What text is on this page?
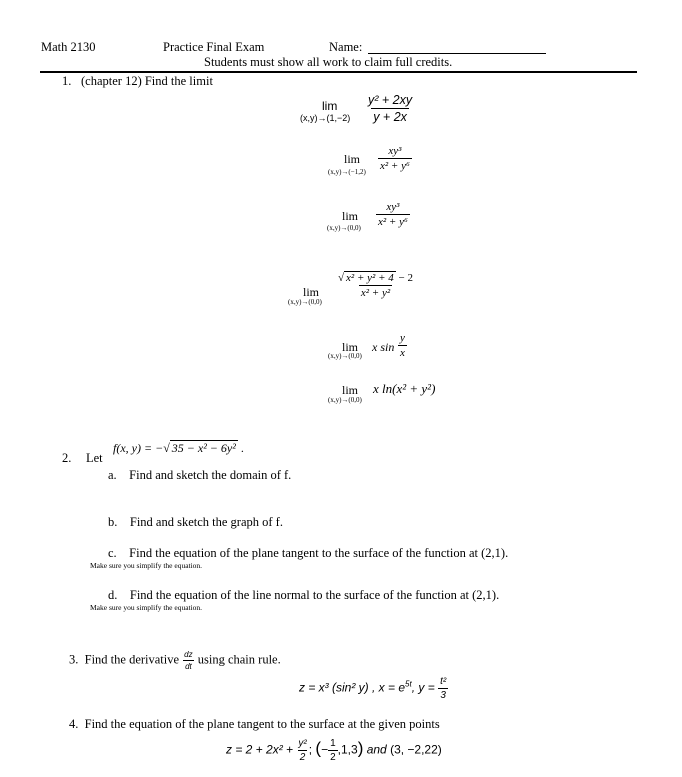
Math 2130	Practice Final Exam	Name:
Students must show all work to claim full credits.
1. (chapter 12) Find the limit
lim
$(x,y)\to(1,-2) \frac{\text{y² + 2xy}}{y + 2x}$
lim
$(x,y)\to(-1,2) \frac{\text{xy³}}{\text{x² + y⁶}}$
lim
$(x,y)\to(0,0) \frac{\text{xy³}}{\text{x² + y⁶}}$
lim
(x,y)→(0,0)
$\frac{\text{√ x² + y² + 4 − 2}}{\text{x² + y²}}$
lim
(x,y)→(0,0)
x $\sin \frac{y}{x}$
lim
(x,y)→(0,0)
x ln(x² + y²)
2. Let
f(x, y) = −√ 35 − x² − 6y² .
a. Find and sketch the domain of f.
b. Find and sketch the graph of f.
c. Find the equation of the plane tangent to the surface of the function at (2,1).
Make sure you simplify the equation.
d. Find the equation of the line normal to the surface of the function at (2,1).
Make sure you simplify the equation.
3. Find the derivative $\frac{dz}{dt}$ using chain rule.
z = x³ (sin² y) , $x = e^{5t}$, $y = \frac{\text{t²}}{3}$
4. Find the equation of the plane tangent to the surface at the given points
$z = 2 + 2x^2 + \frac{\text{y²}}{2}$ ; (− $\frac{1}{2} ,1,3$) and (3, −2,22)
